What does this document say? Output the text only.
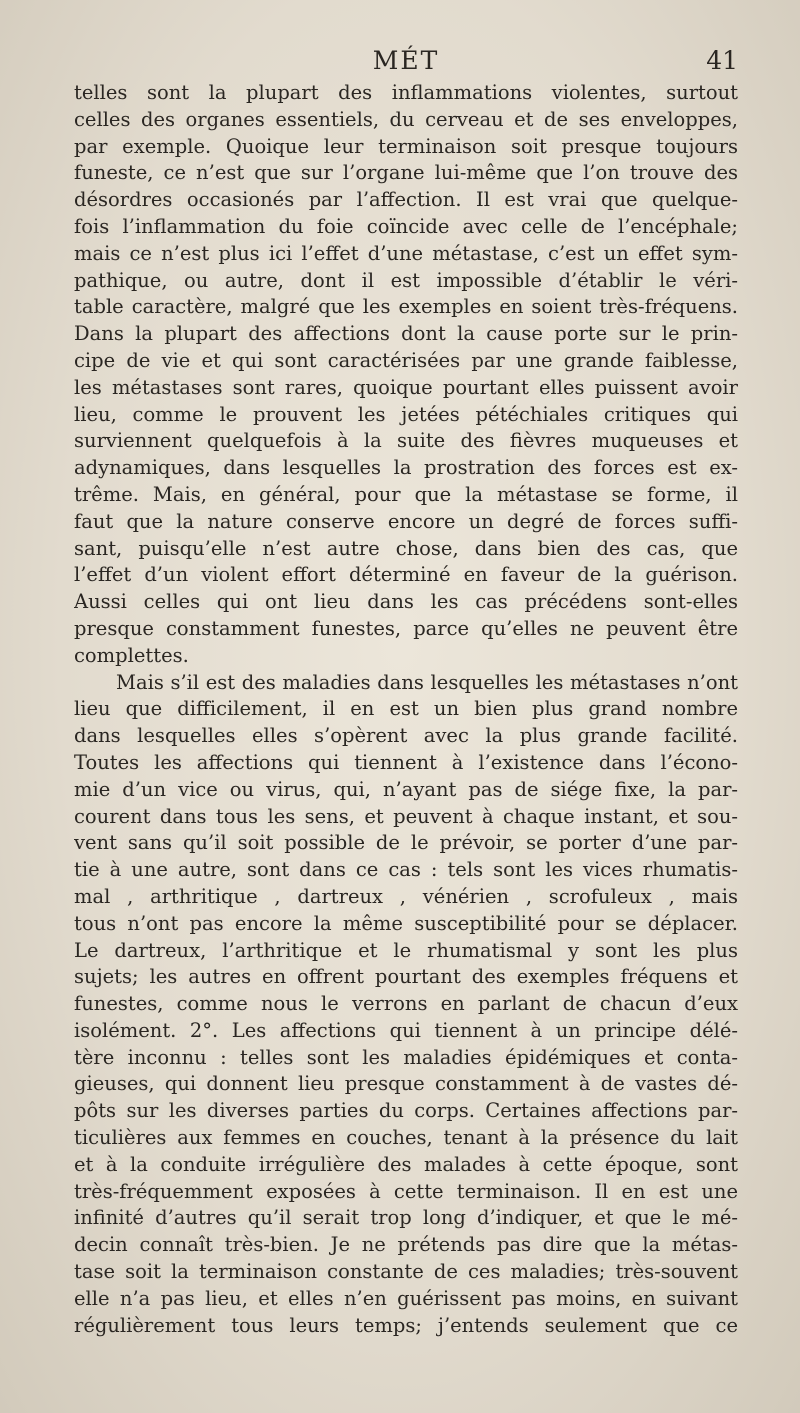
MÉT	41
telles sont la plupart des inflammations violentes, surtout
celles des organes essentiels, du cerveau et de ses enveloppes,
par exemple. Quoique leur terminaison soit presque toujours
funeste, ce n’est que sur l’organe lui-même que l’on trouve des
désordres occasionés par l’affection. Il est vrai que quelque-
fois l’inflammation du foie coïncide avec celle de l’encéphale;
mais ce n’est plus ici l’effet d’une métastase, c’est un effet sym-
pathique, ou autre, dont il est impossible d’établir le véri-
table caractère, malgré que les exemples en soient très-fréquens.
Dans la plupart des affections dont la cause porte sur le prin-
cipe de vie et qui sont caractérisées par une grande faiblesse,
les métastases sont rares, quoique pourtant elles puissent avoir
lieu, comme le prouvent les jetées pétéchiales critiques qui
surviennent quelquefois à la suite des fièvres muqueuses et
adynamiques, dans lesquelles la prostration des forces est ex-
trême. Mais, en général, pour que la métastase se forme, il
faut que la nature conserve encore un degré de forces suffi-
sant, puisqu’elle n’est autre chose, dans bien des cas, que
l’effet d’un violent effort déterminé en faveur de la guérison.
Aussi celles qui ont lieu dans les cas précédens sont-elles
presque constamment funestes, parce qu’elles ne peuvent être
complettes.
Mais s’il est des maladies dans lesquelles les métastases n’ont
lieu que difficilement, il en est un bien plus grand nombre
dans lesquelles elles s’opèrent avec la plus grande facilité.
Toutes les affections qui tiennent à l’existence dans l’écono-
mie d’un vice ou virus, qui, n’ayant pas de siége fixe, la par-
courent dans tous les sens, et peuvent à chaque instant, et sou-
vent sans qu’il soit possible de le prévoir, se porter d’une par-
tie à une autre, sont dans ce cas : tels sont les vices rhumatis-
mal , arthritique , dartreux , vénérien , scrofuleux , mais
tous n’ont pas encore la même susceptibilité pour se déplacer.
Le dartreux, l’arthritique et le rhumatismal y sont les plus
sujets; les autres en offrent pourtant des exemples fréquens et
funestes, comme nous le verrons en parlant de chacun d’eux
isolément. 2°. Les affections qui tiennent à un principe délé-
tère inconnu : telles sont les maladies épidémiques et conta-
gieuses, qui donnent lieu presque constamment à de vastes dé-
pôts sur les diverses parties du corps. Certaines affections par-
ticulières aux femmes en couches, tenant à la présence du lait
et à la conduite irrégulière des malades à cette époque, sont
très-fréquemment exposées à cette terminaison. Il en est une
infinité d’autres qu’il serait trop long d’indiquer, et que le mé-
decin connaît très-bien. Je ne prétends pas dire que la métas-
tase soit la terminaison constante de ces maladies; très-souvent
elle n’a pas lieu, et elles n’en guérissent pas moins, en suivant
régulièrement tous leurs temps; j’entends seulement que ce
